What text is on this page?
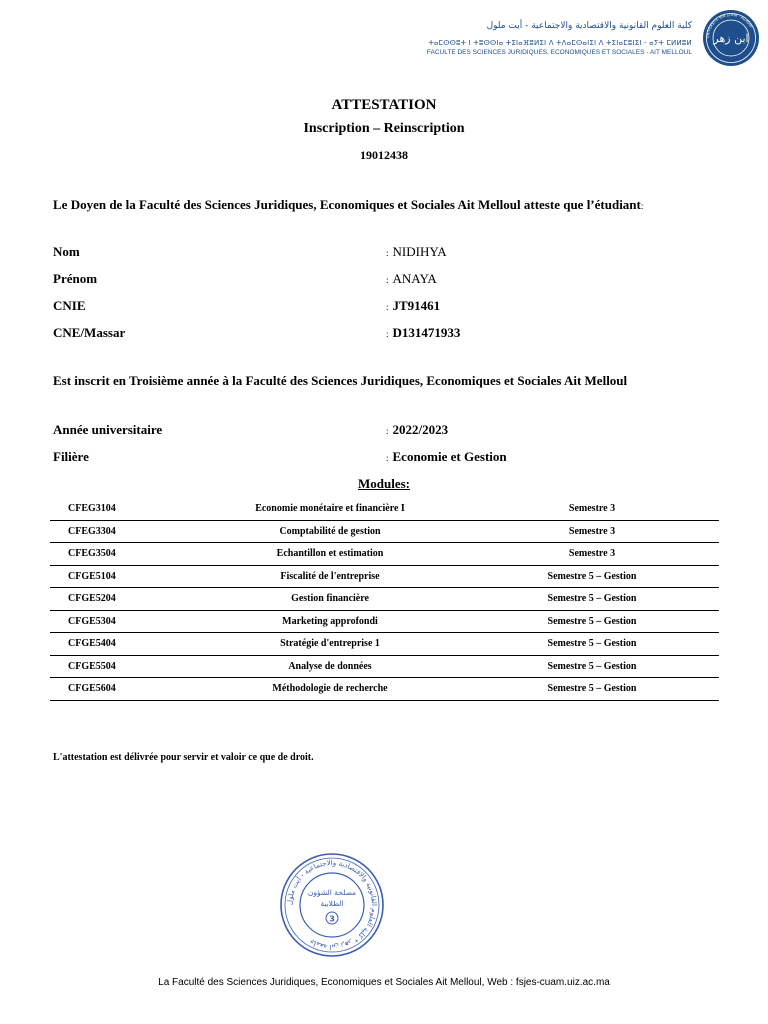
كلية العلوم القانونية والاقتصادية والاجتماعية - أيت ملول
ⵜⴰⵎⵙⵙⵓⵜ ⵏ ⵜⵓⵙⵙⵏⴰ ⵜⵉⵏⴰⴼⵓⵍⵉⵏ ⴷ ⵜⴷⴰⵎⵙⴰⵏⵉⵏ ⴷ ⵜⵉⵏⴰⵎⵓⵏⵉⵏ - ⴰⵢⵜ ⵎⵍⵍⵓⵍ
FACULTE DES SCIENCES JURIDIQUES, ECONOMIQUES ET SOCIALES - AIT MELLOUL
UNIVERSITE IBN ZOHR · AGADIR
ابن زهر
ATTESTATION
Inscription – Reinscription
19012438
Le Doyen de la Faculté des Sciences Juridiques, Economiques et Sociales Ait Melloul atteste que l’étudiant:
Nom	: NIDIHYA
Prénom	: ANAYA
CNIE	: JT91461
CNE/Massar	: D131471933
Est inscrit en Troisième année à la Faculté des Sciences Juridiques, Economiques et Sociales Ait Melloul
Année universitaire	: 2022/2023
Filière	: Economie et Gestion
Modules:
CFEG3104	Economie monétaire et financière I	Semestre 3
CFEG3304	Comptabilité de gestion	Semestre 3
CFEG3504	Echantillon et estimation	Semestre 3
CFGE5104	Fiscalité de l'entreprise	Semestre 5 – Gestion
CFGE5204	Gestion financière	Semestre 5 – Gestion
CFGE5304	Marketing approfondi	Semestre 5 – Gestion
CFGE5404	Stratégie d'entreprise 1	Semestre 5 – Gestion
CFGE5504	Analyse de données	Semestre 5 – Gestion
CFGE5604	Méthodologie de recherche	Semestre 5 – Gestion
L'attestation est délivrée pour servir et valoir ce que de droit.
جامعة ابن زهر * كلية العلوم القانونية والاقتصادية والاجتماعية - أيت ملول
مصلحة الشؤون
الطلابية
3
La Faculté des Sciences Juridiques, Economiques et Sociales Ait Melloul, Web : fsjes-cuam.uiz.ac.ma
